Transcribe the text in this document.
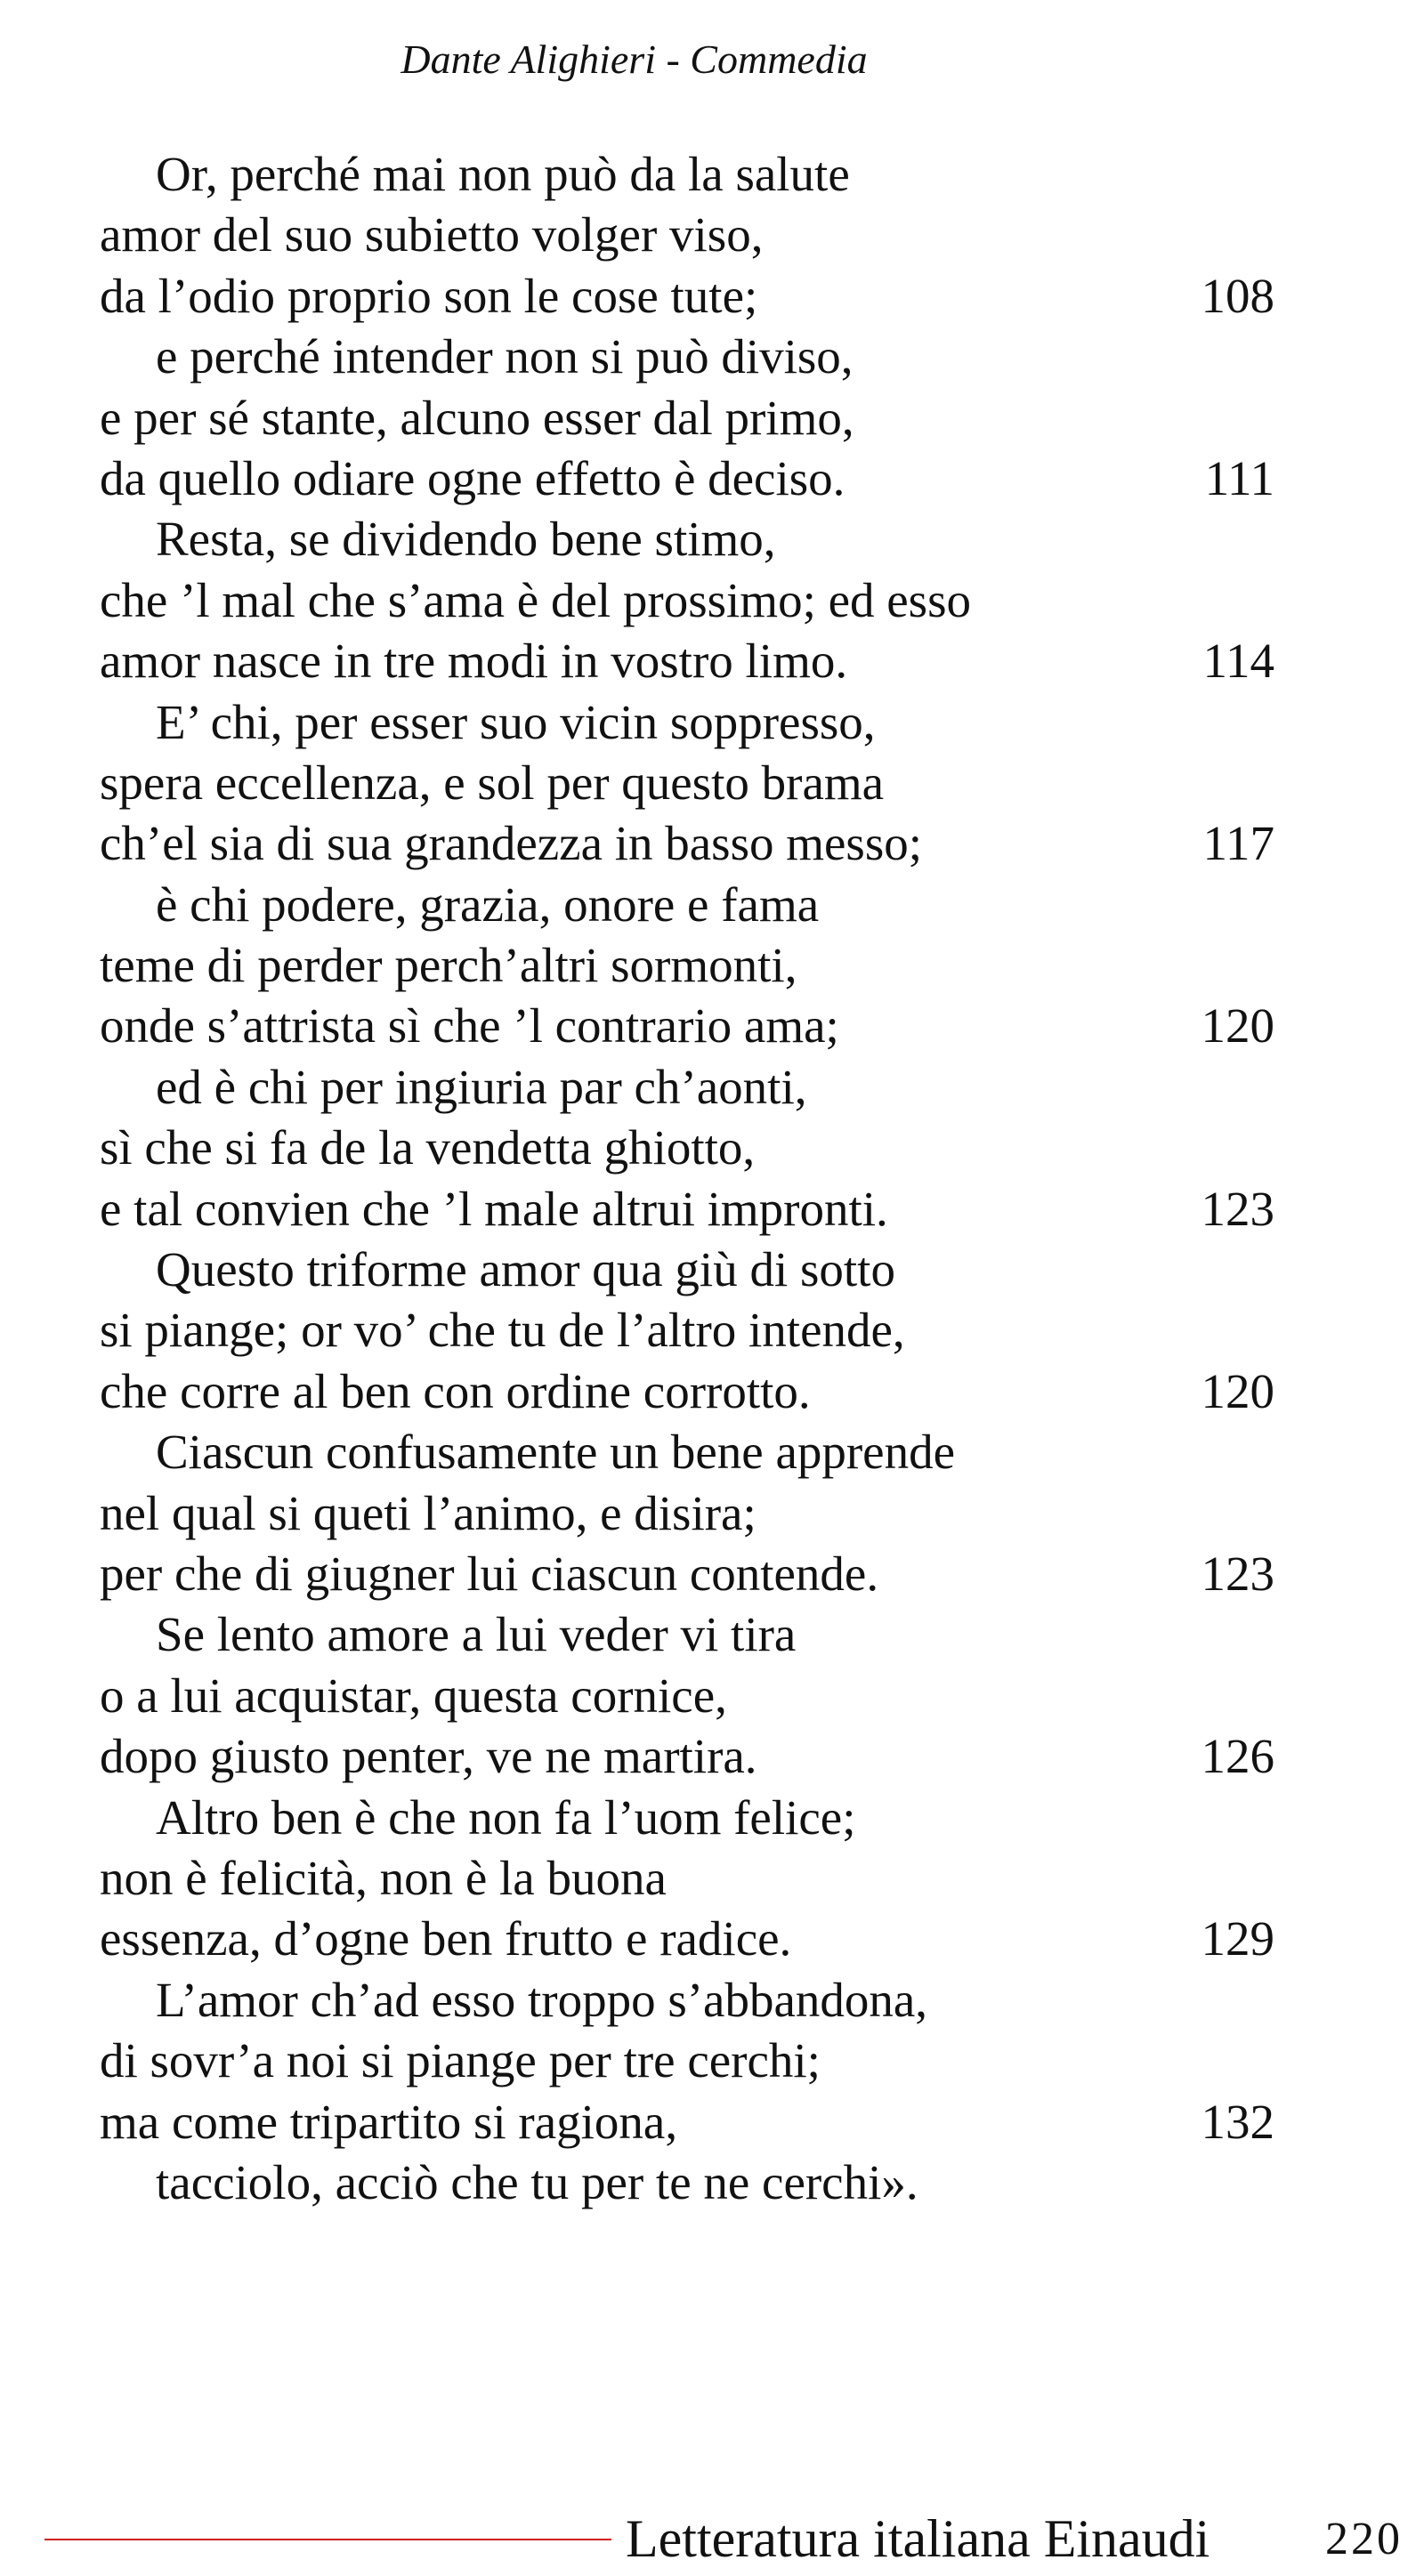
Dante Alighieri - Commedia
Or, perché mai non può da la salute
amor del suo subietto volger viso,
da l’odio proprio son le cose tute;	108
e perché intender non si può diviso,
e per sé stante, alcuno esser dal primo,
da quello odiare ogne effetto è deciso.	111
Resta, se dividendo bene stimo,
che ’l mal che s’ama è del prossimo; ed esso
amor nasce in tre modi in vostro limo.	114
E’ chi, per esser suo vicin soppresso,
spera eccellenza, e sol per questo brama
ch’el sia di sua grandezza in basso messo;	117
è chi podere, grazia, onore e fama
teme di perder perch’altri sormonti,
onde s’attrista sì che ’l contrario ama;	120
ed è chi per ingiuria par ch’aonti,
sì che si fa de la vendetta ghiotto,
e tal convien che ’l male altrui impronti.	123
Questo triforme amor qua giù di sotto
si piange; or vo’ che tu de l’altro intende,
che corre al ben con ordine corrotto.	120
Ciascun confusamente un bene apprende
nel qual si queti l’animo, e disira;
per che di giugner lui ciascun contende.	123
Se lento amore a lui veder vi tira
o a lui acquistar, questa cornice,
dopo giusto penter, ve ne martira.	126
Altro ben è che non fa l’uom felice;
non è felicità, non è la buona
essenza, d’ogne ben frutto e radice.	129
L’amor ch’ad esso troppo s’abbandona,
di sovr’a noi si piange per tre cerchi;
ma come tripartito si ragiona,	132
tacciolo, acciò che tu per te ne cerchi».
Letteratura italiana Einaudi 220
